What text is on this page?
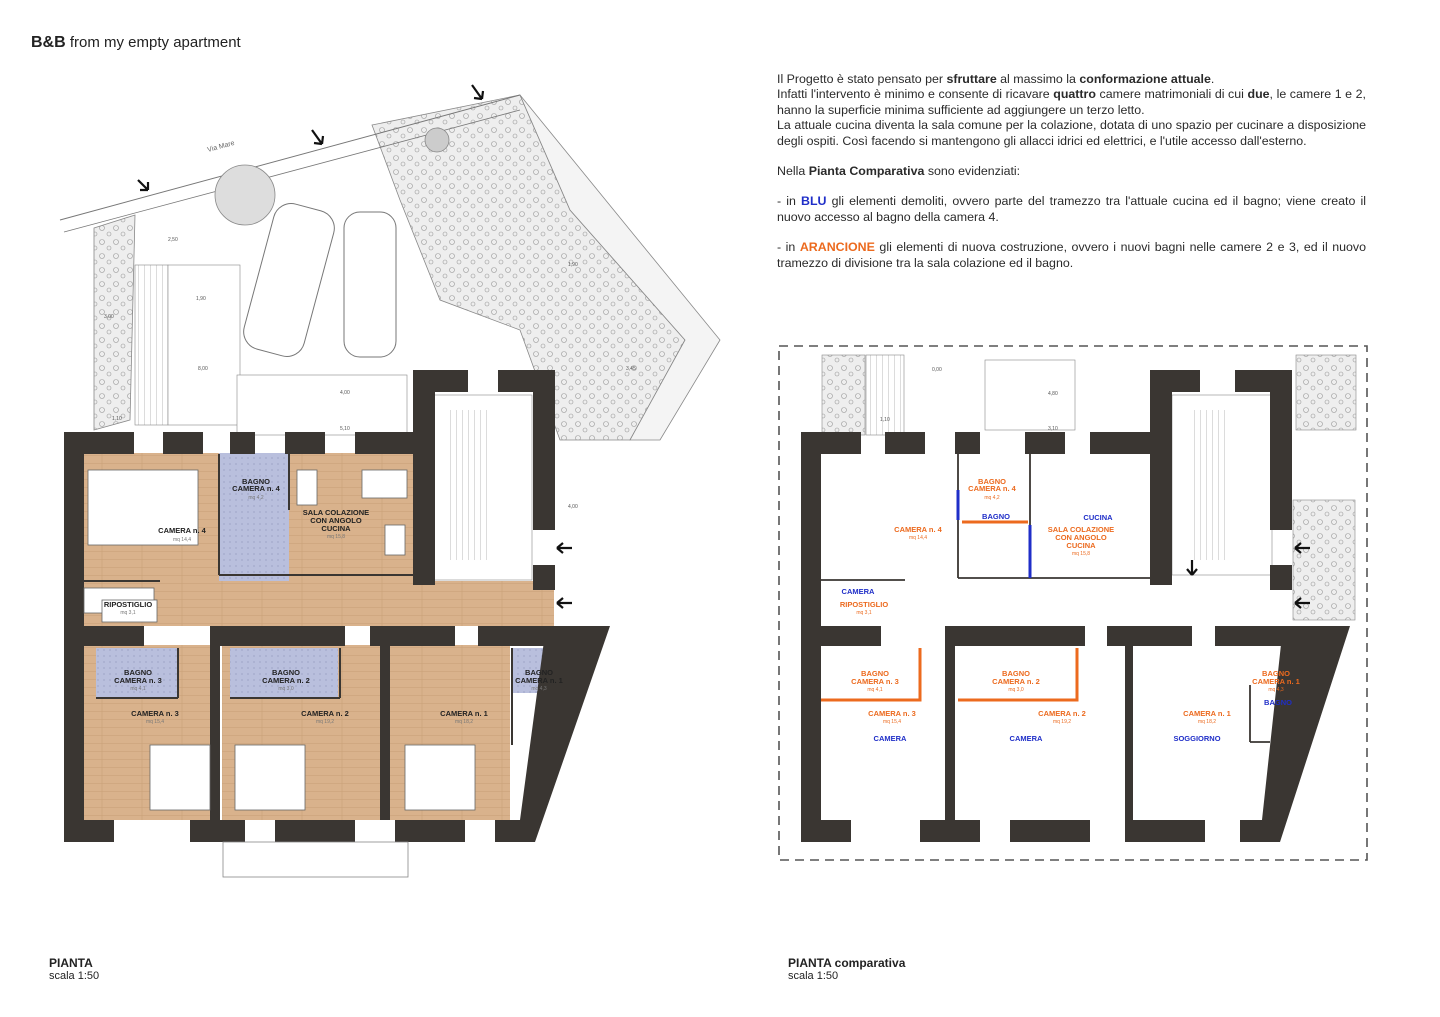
B&B from my empty apartment

Il Progetto è stato pensato per sfruttare al massimo la conformazione attuale.
Infatti l'intervento è minimo e consente di ricavare quattro camere matrimoniali di cui due, le camere 1 e 2, hanno la superficie minima sufficiente ad aggiungere un terzo letto.
La attuale cucina diventa la sala comune per la colazione, dotata di uno spazio per cucinare a disposizione degli ospiti. Così facendo si mantengono gli allacci idrici ed elettrici, e l'utile accesso dall'esterno.

Nella Pianta Comparativa sono evidenziati:

- in BLU gli elementi demoliti, ovvero parte del tramezzo tra l'attuale cucina ed il bagno; viene creato il nuovo accesso al bagno della camera 4.

- in ARANCIONE gli elementi di nuova costruzione, ovvero i nuovi bagni nelle camere 2 e 3, ed il nuovo tramezzo di divisione tra la sala colazione ed il bagno.

Via Mare
2,50
1,90
3,00
8,00
1,10
5,10
4,00
1,90
3,45
4,00
CAMERA n. 4
mq 14,4
BAGNO
CAMERA n. 4
mq 4,2
SALA COLAZIONE
CON ANGOLO
CUCINA
mq 15,8
RIPOSTIGLIO
mq 3,1
BAGNO
CAMERA n. 3
mq 4,1
BAGNO
CAMERA n. 2
mq 3,0
BAGNO
CAMERA n. 1
mq 4,3
CAMERA n. 3
mq 15,4
CAMERA n. 2
mq 19,2
CAMERA n. 1
mq 18,2
0,00
4,80
1,10
3,10
CAMERA n. 4
mq 14,4
BAGNO
CAMERA n. 4
mq 4,2
BAGNO	CUCINA
SALA COLAZIONE
CON ANGOLO
CUCINA
mq 15,8
CAMERA
RIPOSTIGLIO
mq 3,1
BAGNO
CAMERA n. 3
mq 4,1
CAMERA n. 3
mq 15,4
BAGNO
CAMERA n. 2
mq 3,0
CAMERA n. 2
mq 19,2
BAGNO
CAMERA n. 1
mq 4,3
CAMERA n. 1
mq 18,2
BAGNO
CAMERA	CAMERA	SOGGIORNO
PIANTA
scala 1:50
PIANTA comparativa
scala 1:50
